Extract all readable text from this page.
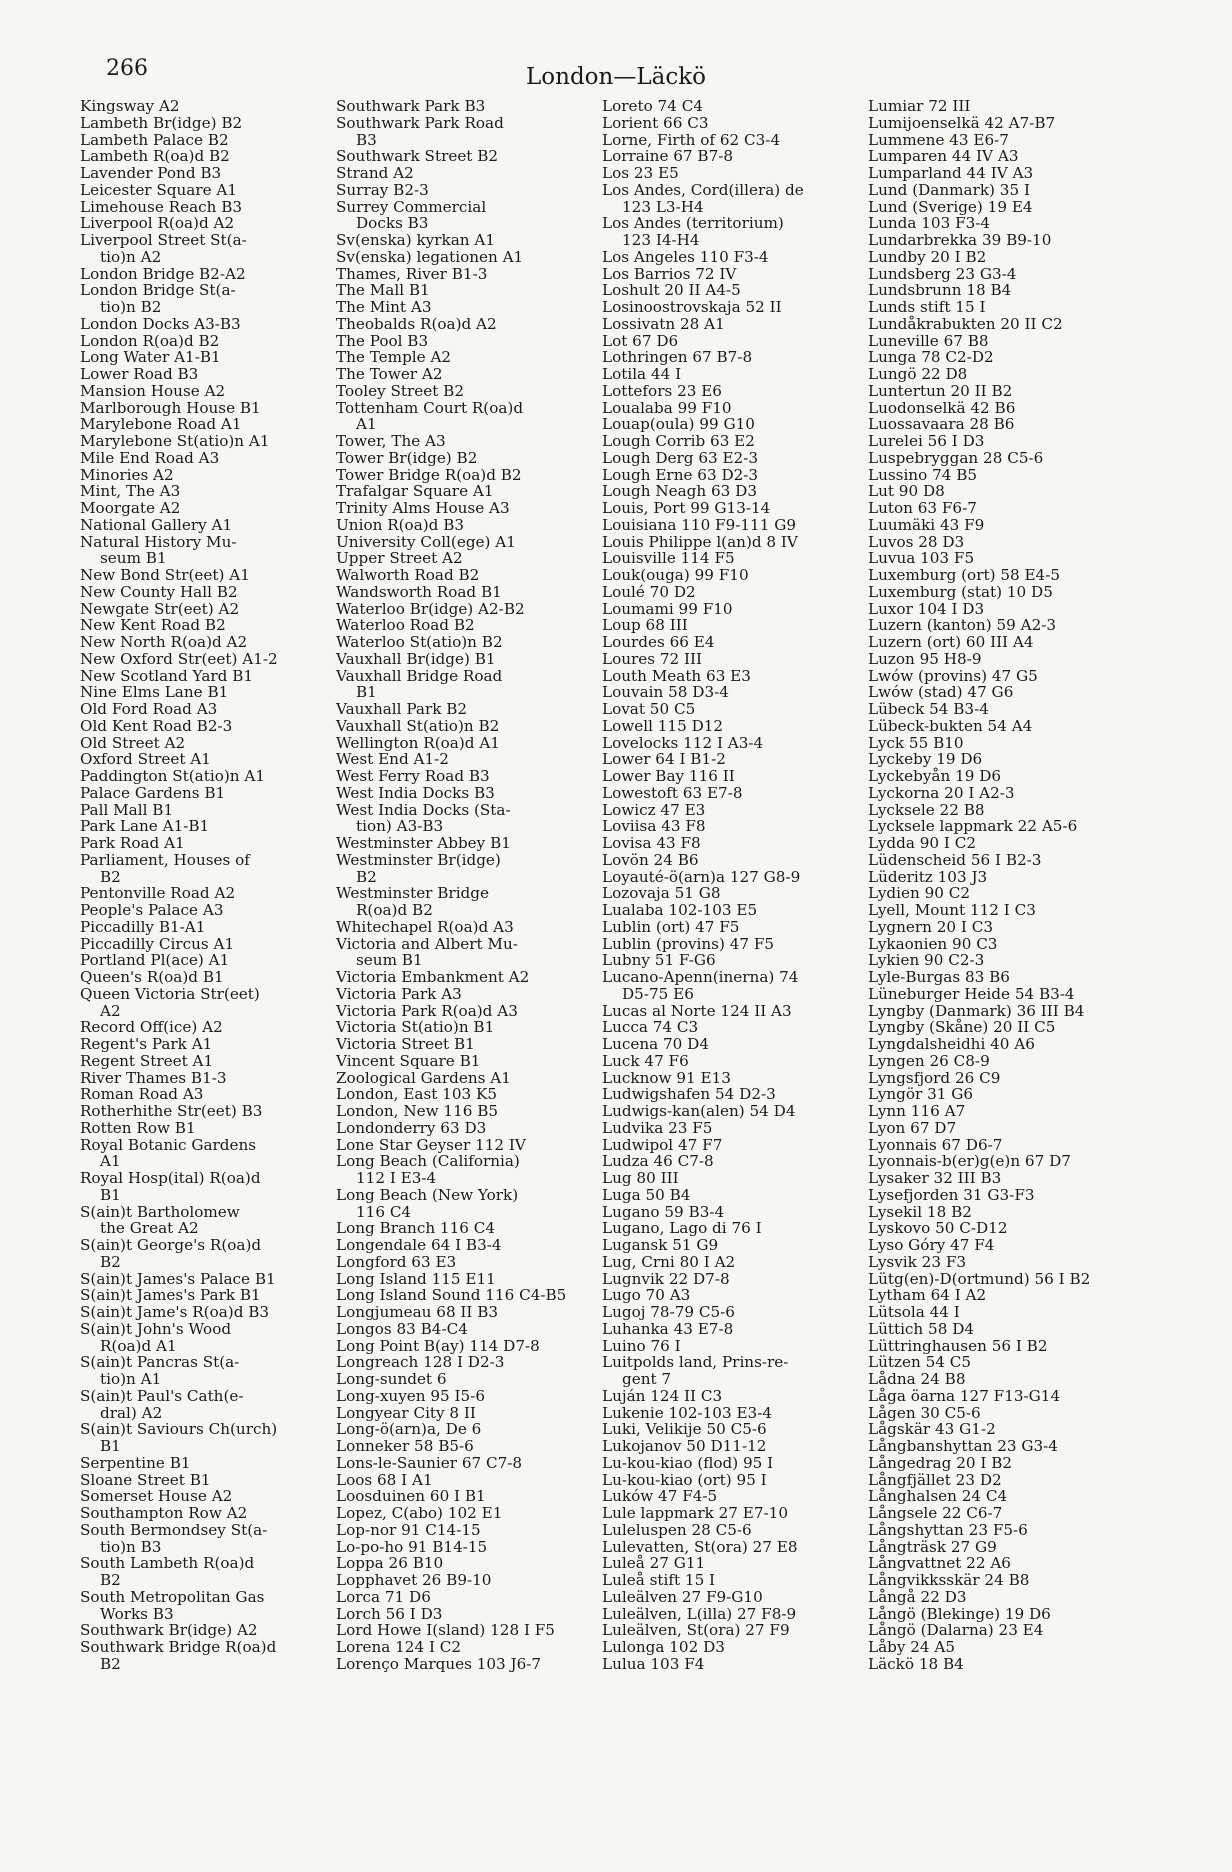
266	London—Läckö
Kingsway A2
Lambeth Br(idge) B2
Lambeth Palace B2
Lambeth R(oa)d B2
Lavender Pond B3
Leicester Square A1
Limehouse Reach B3
Liverpool R(oa)d A2
Liverpool Street St(a-
tio)n A2
London Bridge B2-A2
London Bridge St(a-
tio)n B2
London Docks A3-B3
London R(oa)d B2
Long Water A1-B1
Lower Road B3
Mansion House A2
Marlborough House B1
Marylebone Road A1
Marylebone St(atio)n A1
Mile End Road A3
Minories A2
Mint, The A3
Moorgate A2
National Gallery A1
Natural History Mu-
seum B1
New Bond Str(eet) A1
New County Hall B2
Newgate Str(eet) A2
New Kent Road B2
New North R(oa)d A2
New Oxford Str(eet) A1-2
New Scotland Yard B1
Nine Elms Lane B1
Old Ford Road A3
Old Kent Road B2-3
Old Street A2
Oxford Street A1
Paddington St(atio)n A1
Palace Gardens B1
Pall Mall B1
Park Lane A1-B1
Park Road A1
Parliament, Houses of
B2
Pentonville Road A2
People's Palace A3
Piccadilly B1-A1
Piccadilly Circus A1
Portland Pl(ace) A1
Queen's R(oa)d B1
Queen Victoria Str(eet)
A2
Record Off(ice) A2
Regent's Park A1
Regent Street A1
River Thames B1-3
Roman Road A3
Rotherhithe Str(eet) B3
Rotten Row B1
Royal Botanic Gardens
A1
Royal Hosp(ital) R(oa)d
B1
S(ain)t Bartholomew
the Great A2
S(ain)t George's R(oa)d
B2
S(ain)t James's Palace B1
S(ain)t James's Park B1
S(ain)t Jame's R(oa)d B3
S(ain)t John's Wood
R(oa)d A1
S(ain)t Pancras St(a-
tio)n A1
S(ain)t Paul's Cath(e-
dral) A2
S(ain)t Saviours Ch(urch)
B1
Serpentine B1
Sloane Street B1
Somerset House A2
Southampton Row A2
South Bermondsey St(a-
tio)n B3
South Lambeth R(oa)d
B2
South Metropolitan Gas
Works B3
Southwark Br(idge) A2
Southwark Bridge R(oa)d
B2
Southwark Park B3
Southwark Park Road
B3
Southwark Street B2
Strand A2
Surray B2-3
Surrey Commercial
Docks B3
Sv(enska) kyrkan A1
Sv(enska) legationen A1
Thames, River B1-3
The Mall B1
The Mint A3
Theobalds R(oa)d A2
The Pool B3
The Temple A2
The Tower A2
Tooley Street B2
Tottenham Court R(oa)d
A1
Tower, The A3
Tower Br(idge) B2
Tower Bridge R(oa)d B2
Trafalgar Square A1
Trinity Alms House A3
Union R(oa)d B3
University Coll(ege) A1
Upper Street A2
Walworth Road B2
Wandsworth Road B1
Waterloo Br(idge) A2-B2
Waterloo Road B2
Waterloo St(atio)n B2
Vauxhall Br(idge) B1
Vauxhall Bridge Road
B1
Vauxhall Park B2
Vauxhall St(atio)n B2
Wellington R(oa)d A1
West End A1-2
West Ferry Road B3
West India Docks B3
West India Docks (Sta-
tion) A3-B3
Westminster Abbey B1
Westminster Br(idge)
B2
Westminster Bridge
R(oa)d B2
Whitechapel R(oa)d A3
Victoria and Albert Mu-
seum B1
Victoria Embankment A2
Victoria Park A3
Victoria Park R(oa)d A3
Victoria St(atio)n B1
Victoria Street B1
Vincent Square B1
Zoological Gardens A1
London, East 103 K5
London, New 116 B5
Londonderry 63 D3
Lone Star Geyser 112 IV
Long Beach (California)
112 I E3-4
Long Beach (New York)
116 C4
Long Branch 116 C4
Longendale 64 I B3-4
Longford 63 E3
Long Island 115 E11
Long Island Sound 116 C4-B5
Longjumeau 68 II B3
Longos 83 B4-C4
Long Point B(ay) 114 D7-8
Longreach 128 I D2-3
Long-sundet 6
Long-xuyen 95 I5-6
Longyear City 8 II
Long-ö(arn)a, De 6
Lonneker 58 B5-6
Lons-le-Saunier 67 C7-8
Loos 68 I A1
Loosduinen 60 I B1
Lopez, C(abo) 102 E1
Lop-nor 91 C14-15
Lo-po-ho 91 B14-15
Loppa 26 B10
Lopphavet 26 B9-10
Lorca 71 D6
Lorch 56 I D3
Lord Howe I(sland) 128 I F5
Lorena 124 I C2
Lorenço Marques 103 J6-7
Loreto 74 C4
Lorient 66 C3
Lorne, Firth of 62 C3-4
Lorraine 67 B7-8
Los 23 E5
Los Andes, Cord(illera) de
123 L3-H4
Los Andes (territorium)
123 I4-H4
Los Angeles 110 F3-4
Los Barrios 72 IV
Loshult 20 II A4-5
Losinoostrovskaja 52 II
Lossivatn 28 A1
Lot 67 D6
Lothringen 67 B7-8
Lotila 44 I
Lottefors 23 E6
Loualaba 99 F10
Louap(oula) 99 G10
Lough Corrib 63 E2
Lough Derg 63 E2-3
Lough Erne 63 D2-3
Lough Neagh 63 D3
Louis, Port 99 G13-14
Louisiana 110 F9-111 G9
Louis Philippe l(an)d 8 IV
Louisville 114 F5
Louk(ouga) 99 F10
Loulé 70 D2
Loumami 99 F10
Loup 68 III
Lourdes 66 E4
Loures 72 III
Louth Meath 63 E3
Louvain 58 D3-4
Lovat 50 C5
Lowell 115 D12
Lovelocks 112 I A3-4
Lower 64 I B1-2
Lower Bay 116 II
Lowestoft 63 E7-8
Lowicz 47 E3
Loviisa 43 F8
Lovisa 43 F8
Lovön 24 B6
Loyauté-ö(arn)a 127 G8-9
Lozovaja 51 G8
Lualaba 102-103 E5
Lublin (ort) 47 F5
Lublin (provins) 47 F5
Lubny 51 F-G6
Lucano-Apenn(inerna) 74
D5-75 E6
Lucas al Norte 124 II A3
Lucca 74 C3
Lucena 70 D4
Luck 47 F6
Lucknow 91 E13
Ludwigshafen 54 D2-3
Ludwigs-kan(alen) 54 D4
Ludvika 23 F5
Ludwipol 47 F7
Ludza 46 C7-8
Lug 80 III
Luga 50 B4
Lugano 59 B3-4
Lugano, Lago di 76 I
Lugansk 51 G9
Lug, Crni 80 I A2
Lugnvik 22 D7-8
Lugo 70 A3
Lugoj 78-79 C5-6
Luhanka 43 E7-8
Luino 76 I
Luitpolds land, Prins-re-
gent 7
Luján 124 II C3
Lukenie 102-103 E3-4
Luki, Velikije 50 C5-6
Lukojanov 50 D11-12
Lu-kou-kiao (flod) 95 I
Lu-kou-kiao (ort) 95 I
Luków 47 F4-5
Lule lappmark 27 E7-10
Luleluspen 28 C5-6
Lulevatten, St(ora) 27 E8
Luleå 27 G11
Luleå stift 15 I
Luleälven 27 F9-G10
Luleälven, L(illa) 27 F8-9
Luleälven, St(ora) 27 F9
Lulonga 102 D3
Lulua 103 F4
Lumiar 72 III
Lumijoenselkä 42 A7-B7
Lummene 43 E6-7
Lumparen 44 IV A3
Lumparland 44 IV A3
Lund (Danmark) 35 I
Lund (Sverige) 19 E4
Lunda 103 F3-4
Lundarbrekka 39 B9-10
Lundby 20 I B2
Lundsberg 23 G3-4
Lundsbrunn 18 B4
Lunds stift 15 I
Lundåkrabukten 20 II C2
Luneville 67 B8
Lunga 78 C2-D2
Lungö 22 D8
Luntertun 20 II B2
Luodonselkä 42 B6
Luossavaara 28 B6
Lurelei 56 I D3
Luspebryggan 28 C5-6
Lussino 74 B5
Lut 90 D8
Luton 63 F6-7
Luumäki 43 F9
Luvos 28 D3
Luvua 103 F5
Luxemburg (ort) 58 E4-5
Luxemburg (stat) 10 D5
Luxor 104 I D3
Luzern (kanton) 59 A2-3
Luzern (ort) 60 III A4
Luzon 95 H8-9
Lwów (provins) 47 G5
Lwów (stad) 47 G6
Lübeck 54 B3-4
Lübeck-bukten 54 A4
Lyck 55 B10
Lyckeby 19 D6
Lyckebyån 19 D6
Lyckorna 20 I A2-3
Lycksele 22 B8
Lycksele lappmark 22 A5-6
Lydda 90 I C2
Lüdenscheid 56 I B2-3
Lüderitz 103 J3
Lydien 90 C2
Lyell, Mount 112 I C3
Lygnern 20 I C3
Lykaonien 90 C3
Lykien 90 C2-3
Lyle-Burgas 83 B6
Lüneburger Heide 54 B3-4
Lyngby (Danmark) 36 III B4
Lyngby (Skåne) 20 II C5
Lyngdalsheidhi 40 A6
Lyngen 26 C8-9
Lyngsfjord 26 C9
Lyngör 31 G6
Lynn 116 A7
Lyon 67 D7
Lyonnais 67 D6-7
Lyonnais-b(er)g(e)n 67 D7
Lysaker 32 III B3
Lysefjorden 31 G3-F3
Lysekil 18 B2
Lyskovo 50 C-D12
Lyso Góry 47 F4
Lysvik 23 F3
Lütg(en)-D(ortmund) 56 I B2
Lytham 64 I A2
Lütsola 44 I
Lüttich 58 D4
Lüttringhausen 56 I B2
Lützen 54 C5
Lådna 24 B8
Låga öarna 127 F13-G14
Lågen 30 C5-6
Lågskär 43 G1-2
Långbanshyttan 23 G3-4
Långedrag 20 I B2
Långfjället 23 D2
Långhalsen 24 C4
Långsele 22 C6-7
Långshyttan 23 F5-6
Långträsk 27 G9
Långvattnet 22 A6
Långvikksskär 24 B8
Långå 22 D3
Långö (Blekinge) 19 D6
Långö (Dalarna) 23 E4
Låby 24 A5
Läckö 18 B4
